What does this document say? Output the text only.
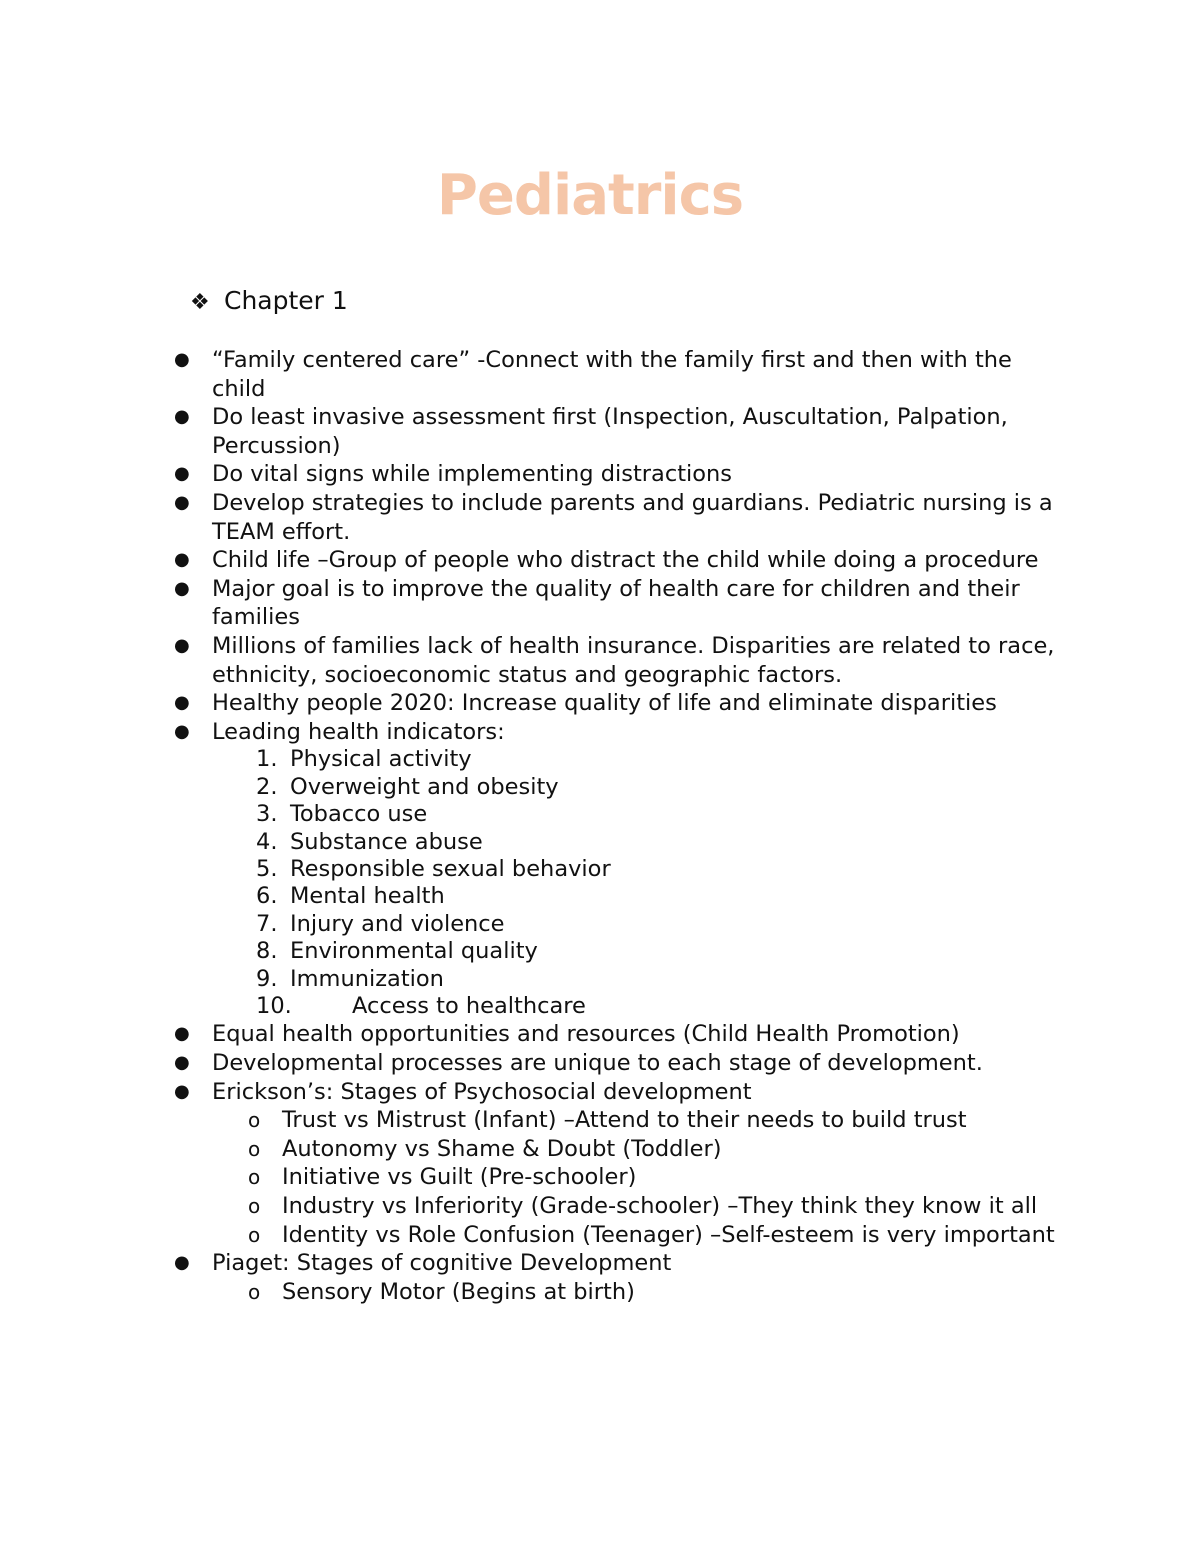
Pediatrics
❖ Chapter 1
● “Family centered care” -Connect with the family first and then with the child
● Do least invasive assessment first (Inspection, Auscultation, Palpation, Percussion)
● Do vital signs while implementing distractions
● Develop strategies to include parents and guardians. Pediatric nursing is a TEAM effort.
● Child life –Group of people who distract the child while doing a procedure
● Major goal is to improve the quality of health care for children and their families
● Millions of families lack of health insurance. Disparities are related to race, ethnicity, socioeconomic status and geographic factors.
● Healthy people 2020: Increase quality of life and eliminate disparities
● Leading health indicators:
1. Physical activity
2. Overweight and obesity
3. Tobacco use
4. Substance abuse
5. Responsible sexual behavior
6. Mental health
7. Injury and violence
8. Environmental quality
9. Immunization
10.	Access to healthcare
● Equal health opportunities and resources (Child Health Promotion)
● Developmental processes are unique to each stage of development.
● Erickson’s: Stages of Psychosocial development
o Trust vs Mistrust (Infant) –Attend to their needs to build trust
o Autonomy vs Shame & Doubt (Toddler)
o Initiative vs Guilt (Pre-schooler)
o Industry vs Inferiority (Grade-schooler) –They think they know it all
o Identity vs Role Confusion (Teenager) –Self-esteem is very important
● Piaget: Stages of cognitive Development
o Sensory Motor (Begins at birth)
